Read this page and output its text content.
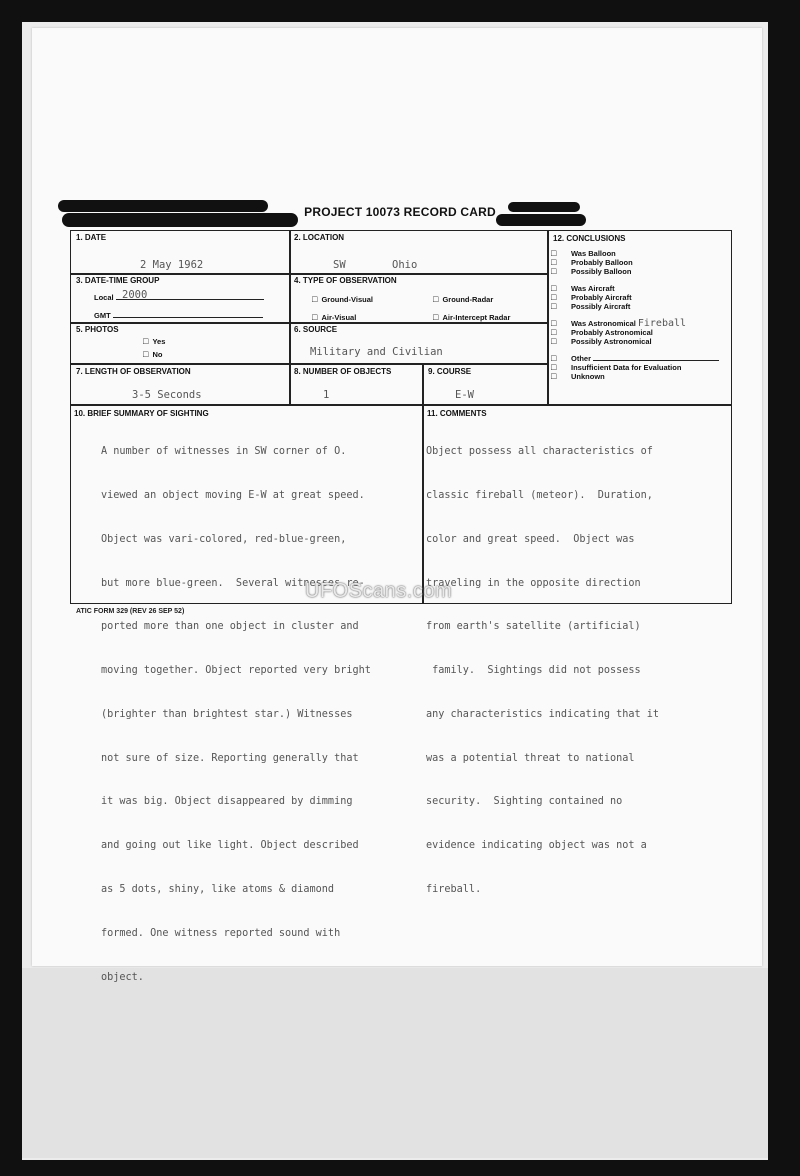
PROJECT 10073 RECORD CARD
1. DATE
2 May 1962
2. LOCATION
SW	Ohio
3. DATE-TIME GROUP
Local 2000
GMT
4. TYPE OF OBSERVATION
□ Ground-Visual	□ Ground-Radar
□ Air-Visual	□ Air-Intercept Radar
5. PHOTOS
□ Yes
□ No
6. SOURCE
Military and Civilian
7. LENGTH OF OBSERVATION
3-5 Seconds
8. NUMBER OF OBJECTS
1
9. COURSE
E-W
12. CONCLUSIONS
□ Was Balloon
□ Probably Balloon
□ Possibly Balloon
□ Was Aircraft
□ Probably Aircraft
□ Possibly Aircraft
□ Was Astronomical Fireball
□ Probably Astronomical
□ Possibly Astronomical
□ Other
□ Insufficient Data for Evaluation
□ Unknown
10. BRIEF SUMMARY OF SIGHTING

A number of witnesses in SW corner of O.

viewed an object moving E-W at great speed.

Object was vari-colored, red-blue-green,

but more blue-green.  Several witnesses re-

ported more than one object in cluster and

moving together. Object reported very bright

(brighter than brightest star.) Witnesses

not sure of size. Reporting generally that

it was big. Object disappeared by dimming

and going out like light. Object described

as 5 dots, shiny, like atoms & diamond

formed. One witness reported sound with

object.

11. COMMENTS

Object possess all characteristics of

classic fireball (meteor).  Duration,

color and great speed.  Object was

traveling in the opposite direction

from earth's satellite (artificial)

family.  Sightings did not possess

any characteristics indicating that it

was a potential threat to national

security.  Sighting contained no

evidence indicating object was not a

fireball.

UFOScans.com
ATIC FORM 329 (REV 26 SEP 52)
